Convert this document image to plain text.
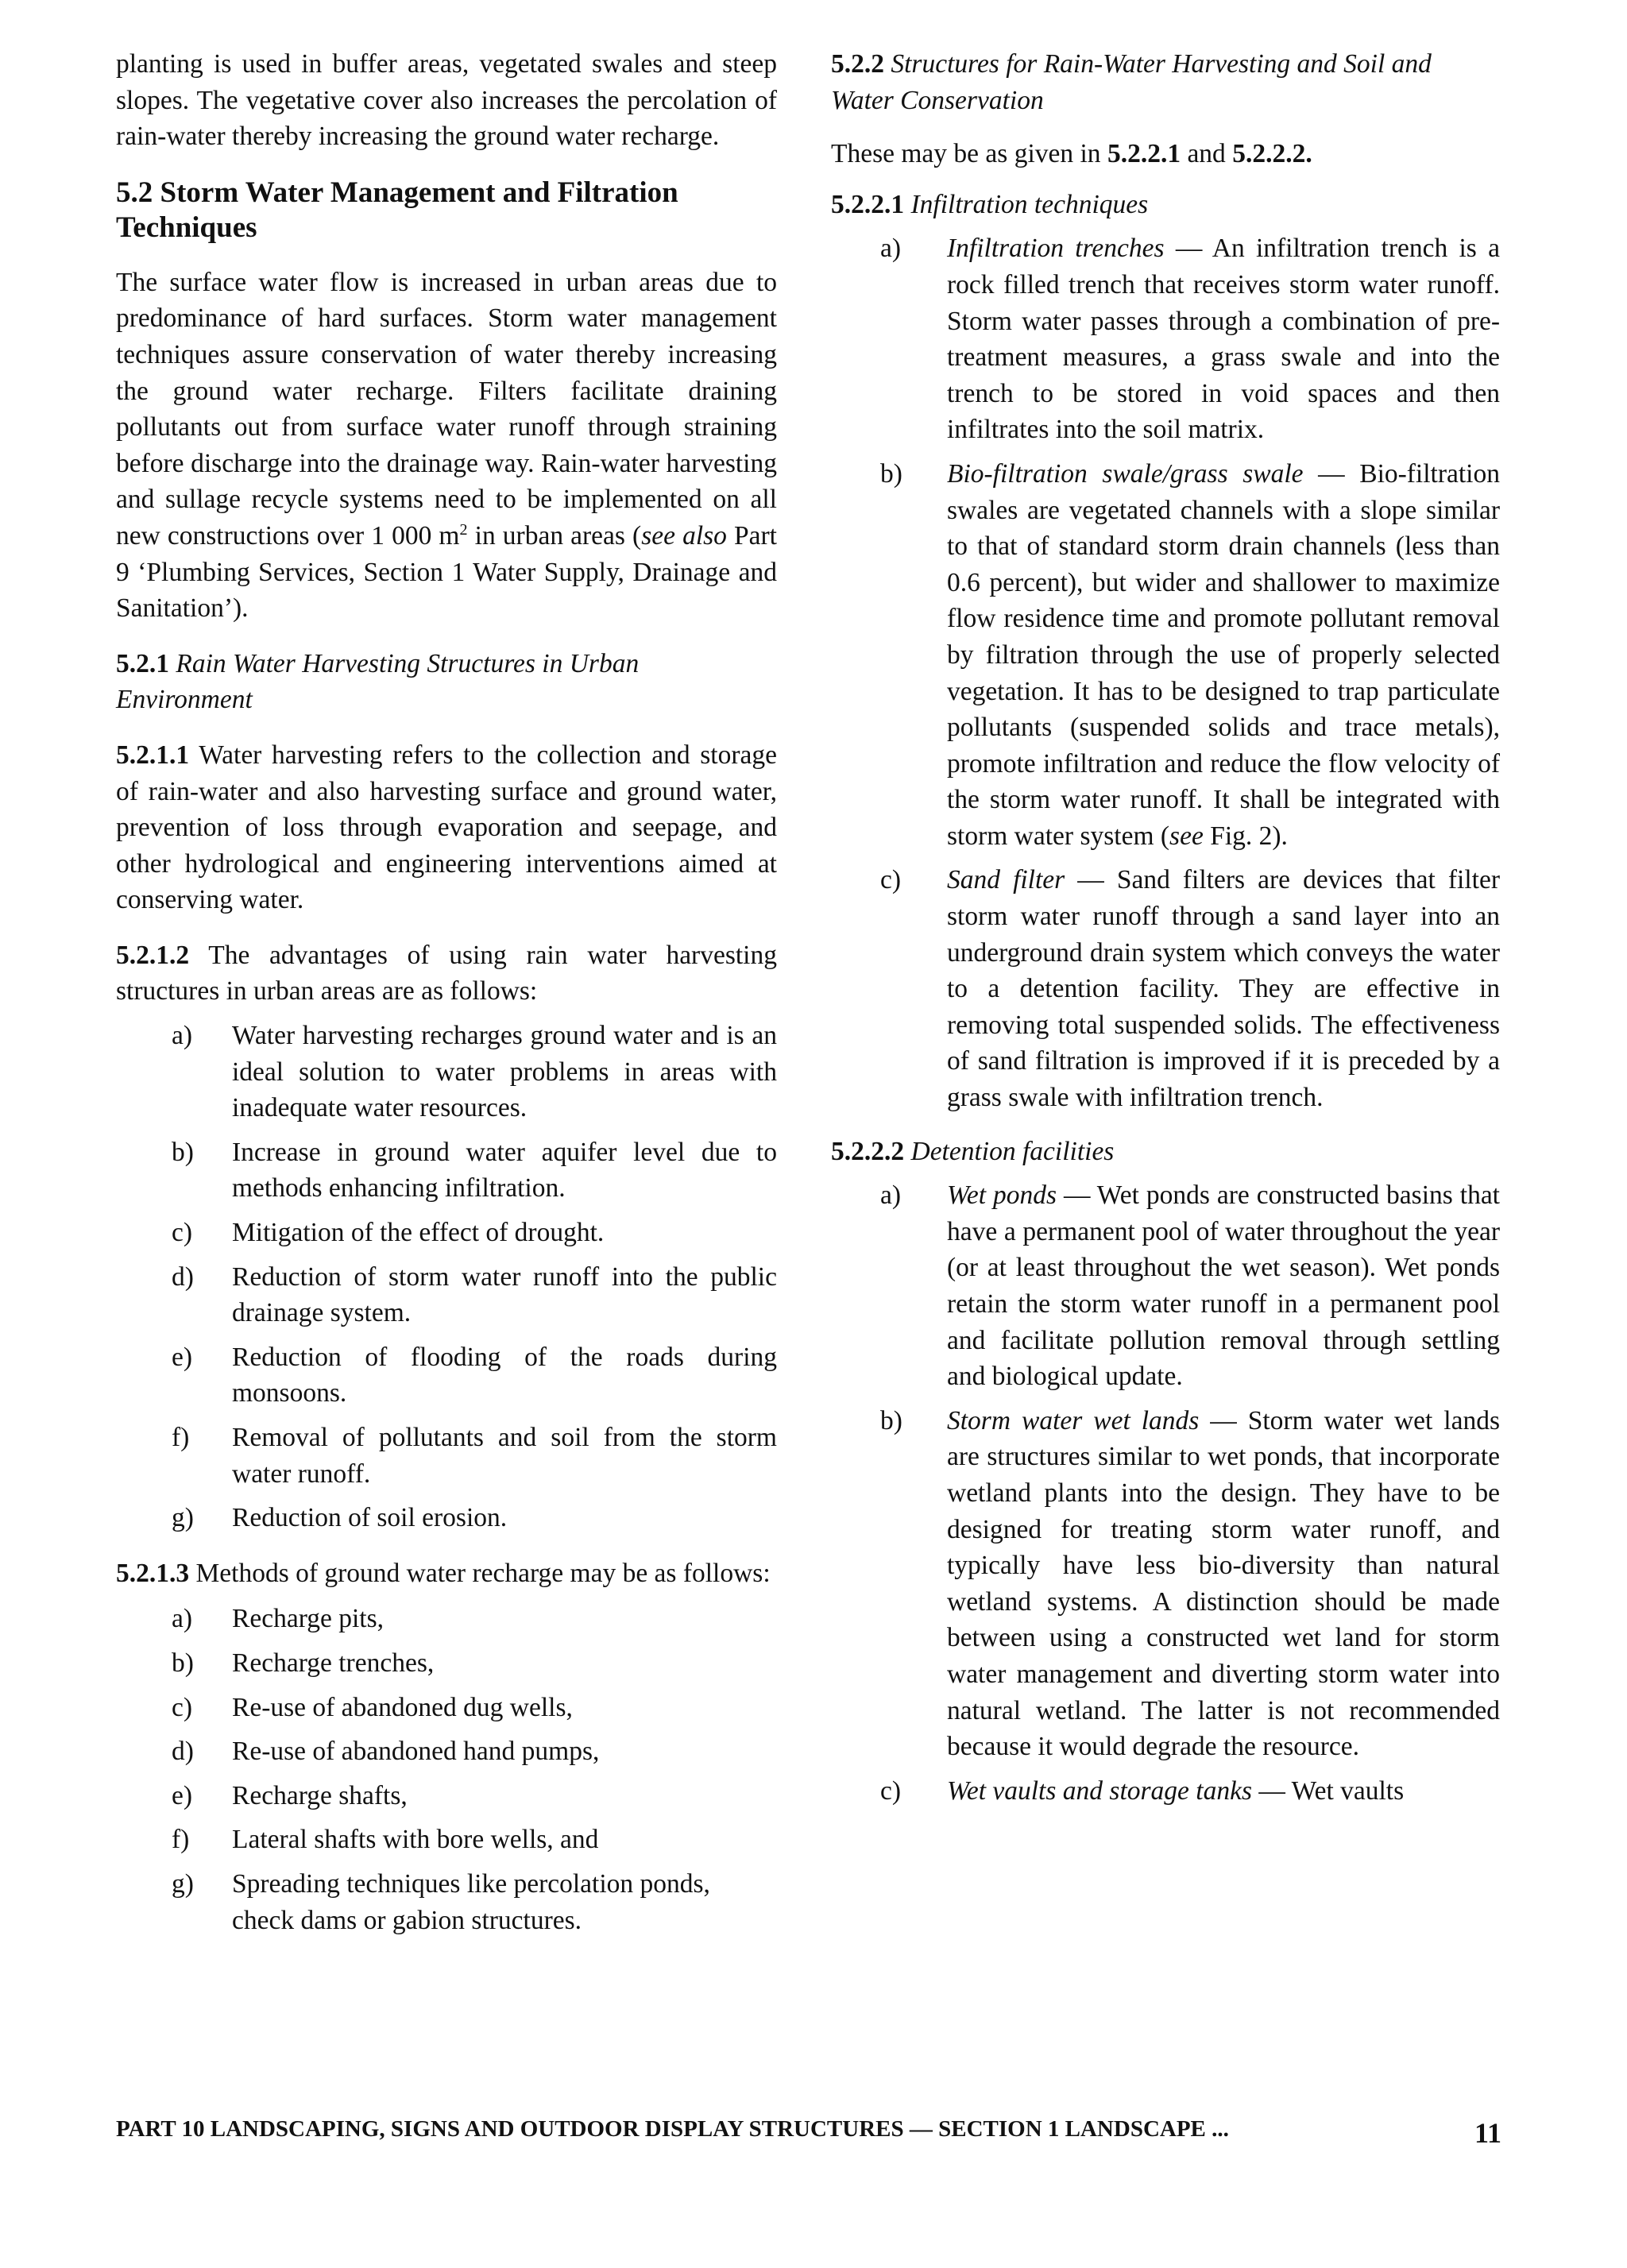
planting is used in buffer areas, vegetated swales and steep slopes. The vegetative cover also increases the percolation of rain-water thereby increasing the ground water recharge.

5.2 Storm Water Management and Filtration Techniques

The surface water flow is increased in urban areas due to predominance of hard surfaces. Storm water management techniques assure conservation of water thereby increasing the ground water recharge. Filters facilitate draining pollutants out from surface water runoff through straining before discharge into the drainage way. Rain-water harvesting and sullage recycle systems need to be implemented on all new constructions over 1 000 $m^2$ in urban areas (see also Part 9 ‘Plumbing Services, Section 1 Water Supply, Drainage and Sanitation’).

5.2.1 Rain Water Harvesting Structures in Urban Environment

5.2.1.1 Water harvesting refers to the collection and storage of rain-water and also harvesting surface and ground water, prevention of loss through evaporation and seepage, and other hydrological and engineering interventions aimed at conserving water.

5.2.1.2 The advantages of using rain water harvesting structures in urban areas are as follows:

a) Water harvesting recharges ground water and is an ideal solution to water problems in areas with inadequate water resources.
b) Increase in ground water aquifer level due to methods enhancing infiltration.
c) Mitigation of the effect of drought.
d) Reduction of storm water runoff into the public drainage system.
e) Reduction of flooding of the roads during monsoons.
f) Removal of pollutants and soil from the storm water runoff.
g) Reduction of soil erosion.

5.2.1.3 Methods of ground water recharge may be as follows:

a) Recharge pits,
b) Recharge trenches,
c) Re-use of abandoned dug wells,
d) Re-use of abandoned hand pumps,
e) Recharge shafts,
f) Lateral shafts with bore wells, and
g) Spreading techniques like percolation ponds, check dams or gabion structures.

5.2.2 Structures for Rain-Water Harvesting and Soil and Water Conservation

These may be as given in 5.2.2.1 and 5.2.2.2.

5.2.2.1 Infiltration techniques

a) Infiltration trenches — An infiltration trench is a rock filled trench that receives storm water runoff. Storm water passes through a combination of pre-treatment measures, a grass swale and into the trench to be stored in void spaces and then infiltrates into the soil matrix.
b) Bio-filtration swale/grass swale — Bio-filtration swales are vegetated channels with a slope similar to that of standard storm drain channels (less than 0.6 percent), but wider and shallower to maximize flow residence time and promote pollutant removal by filtration through the use of properly selected vegetation. It has to be designed to trap particulate pollutants (suspended solids and trace metals), promote infiltration and reduce the flow velocity of the storm water runoff. It shall be integrated with storm water system (see Fig. 2).
c) Sand filter — Sand filters are devices that filter storm water runoff through a sand layer into an underground drain system which conveys the water to a detention facility. They are effective in removing total suspended solids. The effectiveness of sand filtration is improved if it is preceded by a grass swale with infiltration trench.

5.2.2.2 Detention facilities

a) Wet ponds — Wet ponds are constructed basins that have a permanent pool of water throughout the year (or at least throughout the wet season). Wet ponds retain the storm water runoff in a permanent pool and facilitate pollution removal through settling and biological update.
b) Storm water wet lands — Storm water wet lands are structures similar to wet ponds, that incorporate wetland plants into the design. They have to be designed for treating storm water runoff, and typically have less bio-diversity than natural wetland systems. A distinction should be made between using a constructed wet land for storm water management and diverting storm water into natural wetland. The latter is not recommended because it would degrade the resource.
c) Wet vaults and storage tanks — Wet vaults
PART 10 LANDSCAPING, SIGNS AND OUTDOOR DISPLAY STRUCTURES — SECTION 1 LANDSCAPE ...	11
